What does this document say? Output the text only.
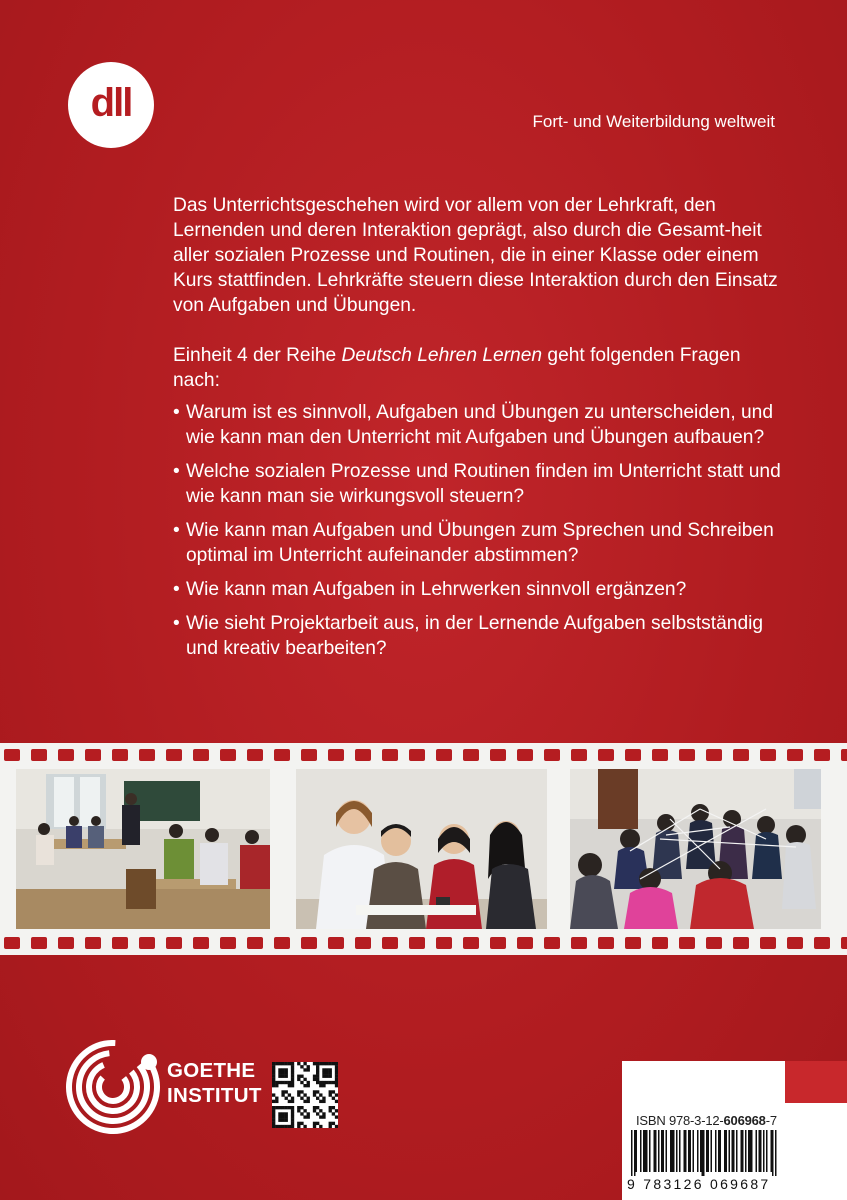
dll	Fort- und Weiterbildung weltweit

Das Unterrichtsgeschehen wird vor allem von der Lehrkraft, den Lernenden und deren Interaktion geprägt, also durch die Gesamt-heit aller sozialen Prozesse und Routinen, die in einer Klasse oder einem Kurs stattfinden. Lehrkräfte steuern diese Interaktion durch den Einsatz von Aufgaben und Übungen.

Einheit 4 der Reihe Deutsch Lehren Lernen geht folgenden Fragen nach:

• Warum ist es sinnvoll, Aufgaben und Übungen zu unterscheiden, und wie kann man den Unterricht mit Aufgaben und Übungen aufbauen?
• Welche sozialen Prozesse und Routinen finden im Unterricht statt und wie kann man sie wirkungsvoll steuern?
• Wie kann man Aufgaben und Übungen zum Sprechen und Schreiben optimal im Unterricht aufeinander abstimmen?
• Wie kann man Aufgaben in Lehrwerken sinnvoll ergänzen?
• Wie sieht Projektarbeit aus, in der Lernende Aufgaben selbstständig und kreativ bearbeiten?
GOETHE
INSTITUT
ISBN 978-3-12-606968-7
9 783126 069687
